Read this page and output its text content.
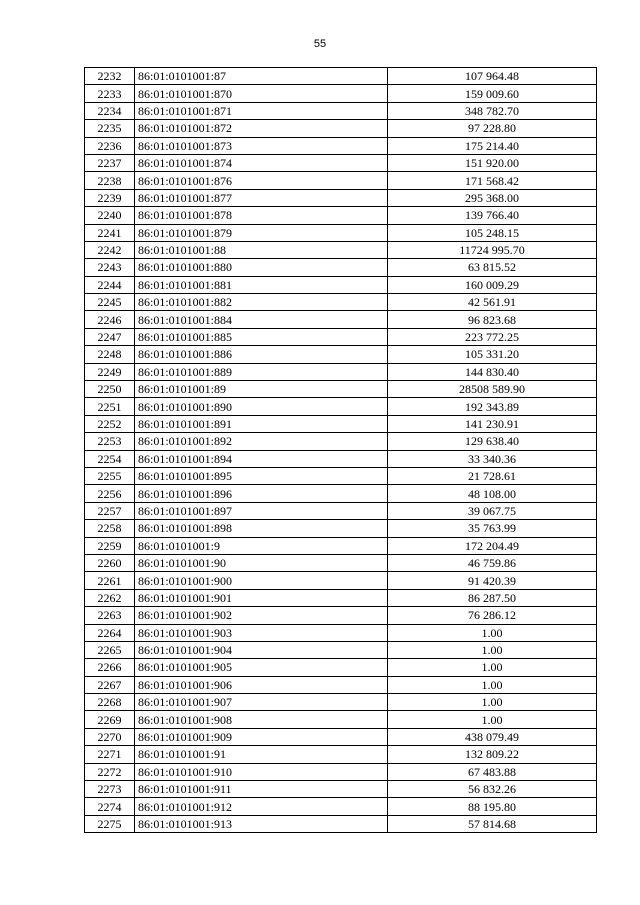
55
2232	86:01:0101001:87	107 964.48
2233	86:01:0101001:870	159 009.60
2234	86:01:0101001:871	348 782.70
2235	86:01:0101001:872	97 228.80
2236	86:01:0101001:873	175 214.40
2237	86:01:0101001:874	151 920.00
2238	86:01:0101001:876	171 568.42
2239	86:01:0101001:877	295 368.00
2240	86:01:0101001:878	139 766.40
2241	86:01:0101001:879	105 248.15
2242	86:01:0101001:88	11724 995.70
2243	86:01:0101001:880	63 815.52
2244	86:01:0101001:881	160 009.29
2245	86:01:0101001:882	42 561.91
2246	86:01:0101001:884	96 823.68
2247	86:01:0101001:885	223 772.25
2248	86:01:0101001:886	105 331.20
2249	86:01:0101001:889	144 830.40
2250	86:01:0101001:89	28508 589.90
2251	86:01:0101001:890	192 343.89
2252	86:01:0101001:891	141 230.91
2253	86:01:0101001:892	129 638.40
2254	86:01:0101001:894	33 340.36
2255	86:01:0101001:895	21 728.61
2256	86:01:0101001:896	48 108.00
2257	86:01:0101001:897	39 067.75
2258	86:01:0101001:898	35 763.99
2259	86:01:0101001:9	172 204.49
2260	86:01:0101001:90	46 759.86
2261	86:01:0101001:900	91 420.39
2262	86:01:0101001:901	86 287.50
2263	86:01:0101001:902	76 286.12
2264	86:01:0101001:903	1.00
2265	86:01:0101001:904	1.00
2266	86:01:0101001:905	1.00
2267	86:01:0101001:906	1.00
2268	86:01:0101001:907	1.00
2269	86:01:0101001:908	1.00
2270	86:01:0101001:909	438 079.49
2271	86:01:0101001:91	132 809.22
2272	86:01:0101001:910	67 483.88
2273	86:01:0101001:911	56 832.26
2274	86:01:0101001:912	88 195.80
2275	86:01:0101001:913	57 814.68
